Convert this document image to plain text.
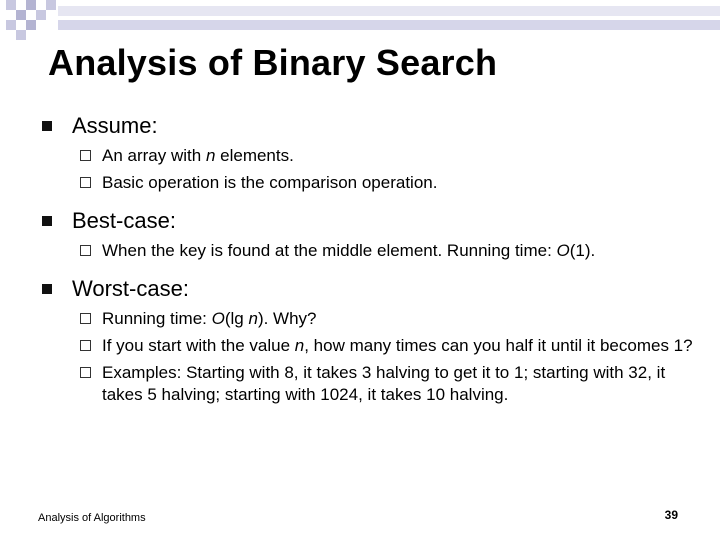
Analysis of Binary Search
Assume:
An array with n elements.
Basic operation is the comparison operation.
Best-case:
When the key is found at the middle element. Running time: O(1).
Worst-case:
Running time: O(lg n). Why?
If you start with the value n, how many times can you half it until it becomes 1?
Examples: Starting with 8, it takes 3 halving to get it to 1; starting with 32, it takes 5 halving; starting with 1024, it takes 10 halving.
Analysis of Algorithms	39
